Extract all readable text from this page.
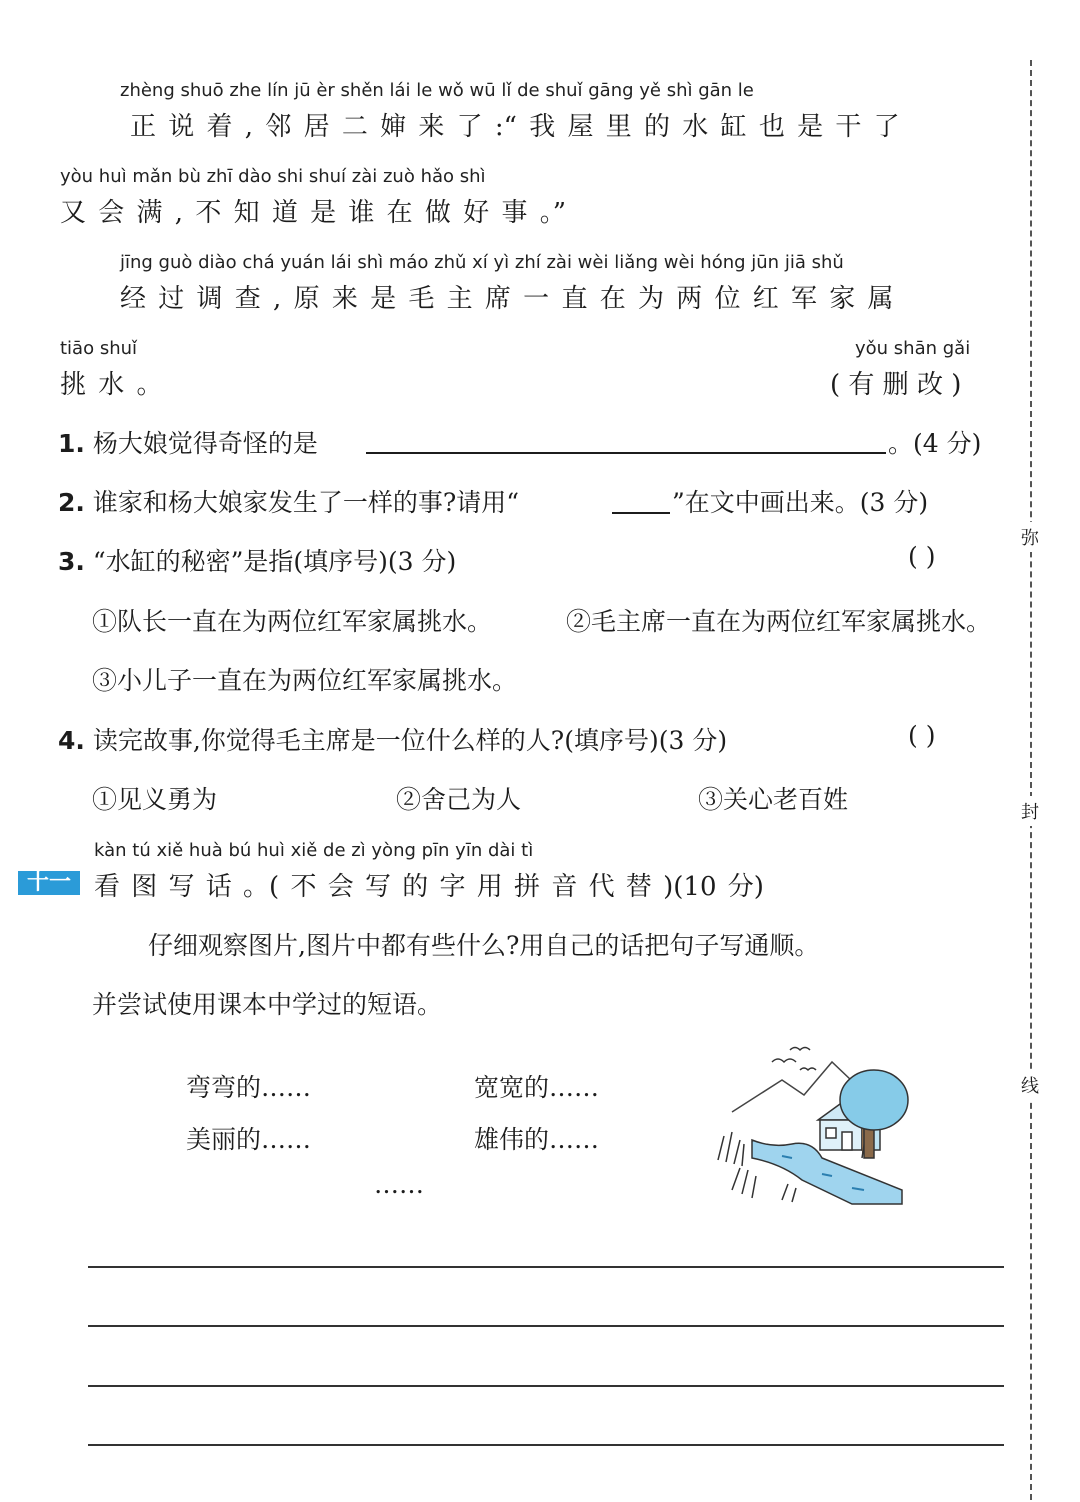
zhèng shuō zhe lín jū èr shěn lái le wǒ wū lǐ de shuǐ gāng yě shì gān le
正 说 着 , 邻 居 二 婶 来 了 :“ 我 屋 里 的 水 缸 也 是 干 了
yòu huì mǎn bù zhī dào shi shuí zài zuò hǎo shì
又 会 满 , 不 知 道 是 谁 在 做 好 事 。”
jīng guò diào chá yuán lái shì máo zhǔ xí yì zhí zài wèi liǎng wèi hóng jūn jiā shǔ
经 过 调 查 , 原 来 是 毛 主 席 一 直 在 为 两 位 红 军 家 属
tiāo shuǐ
挑 水 。
yǒu shān gǎi
( 有 删 改 )
1. 杨大娘觉得奇怪的是	。(4 分)
2. 谁家和杨大娘家发生了一样的事?请用“	”在文中画出来。(3 分)
3. “水缸的秘密”是指(填序号)(3 分)	( )
①队长一直在为两位红军家属挑水。	②毛主席一直在为两位红军家属挑水。
③小儿子一直在为两位红军家属挑水。
4. 读完故事,你觉得毛主席是一位什么样的人?(填序号)(3 分)	( )
①见义勇为	②舍己为人	③关心老百姓
十一
kàn tú xiě huà bú huì xiě de zì yòng pīn yīn dài tì
看 图 写 话 。( 不 会 写 的 字 用 拼 音 代 替 )(10 分)
仔细观察图片,图片中都有些什么?用自己的话把句子写通顺。
并尝试使用课本中学过的短语。
弯弯的……	宽宽的……
美丽的……	雄伟的……
……
弥
封
线
